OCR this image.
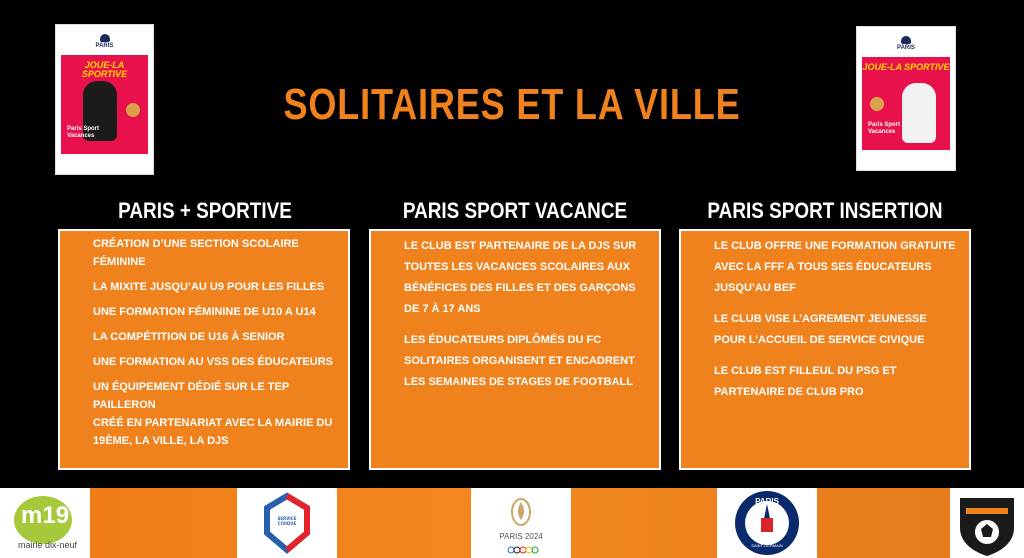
SOLITAIRES ET LA VILLE
PARIS
JOUE-LA SPORTIVE
Paris Sport
Vacances
PARIS
JOUE-LA SPORTIVE
Paris Sport
Vacances
PARIS + SPORTIVE	PARIS SPORT VACANCE	PARIS SPORT INSERTION

CRÉATION D’UNE SECTION SCOLAIRE
FÉMININE

LA MIXITE JUSQU’AU U9 POUR LES FILLES

UNE FORMATION FÉMININE DE U10 A U14

LA COMPÉTITION DE U16 À SENIOR

UNE FORMATION AU VSS DES ÉDUCATEURS

UN ÉQUIPEMENT DÉDIÉ SUR LE TEP PAILLERON
CRÉÉ EN PARTENARIAT AVEC LA MAIRIE DU
19ÈME, LA VILLE, LA DJS

LE CLUB EST PARTENAIRE DE LA DJS SUR
TOUTES LES VACANCES SCOLAIRES AUX
BÉNÉFICES DES FILLES ET DES GARÇONS
DE 7 À 17 ANS

LES ÉDUCATEURS DIPLÔMÉS DU FC
SOLITAIRES ORGANISENT ET ENCADRENT
LES SEMAINES DE STAGES DE FOOTBALL

LE CLUB OFFRE UNE FORMATION GRATUITE
AVEC LA FFF A TOUS SES ÉDUCATEURS
JUSQU’AU BEF

LE CLUB VISE L’AGREMENT JEUNESSE
POUR L’ACCUEIL DE SERVICE CIVIQUE

LE CLUB EST FILLEUL DU PSG ET
PARTENAIRE DE CLUB PRO

m19
mairie dix-neuf
SERVICE CIVIQUE
PARIS 2024
PARIS
SAINT-GERMAIN
